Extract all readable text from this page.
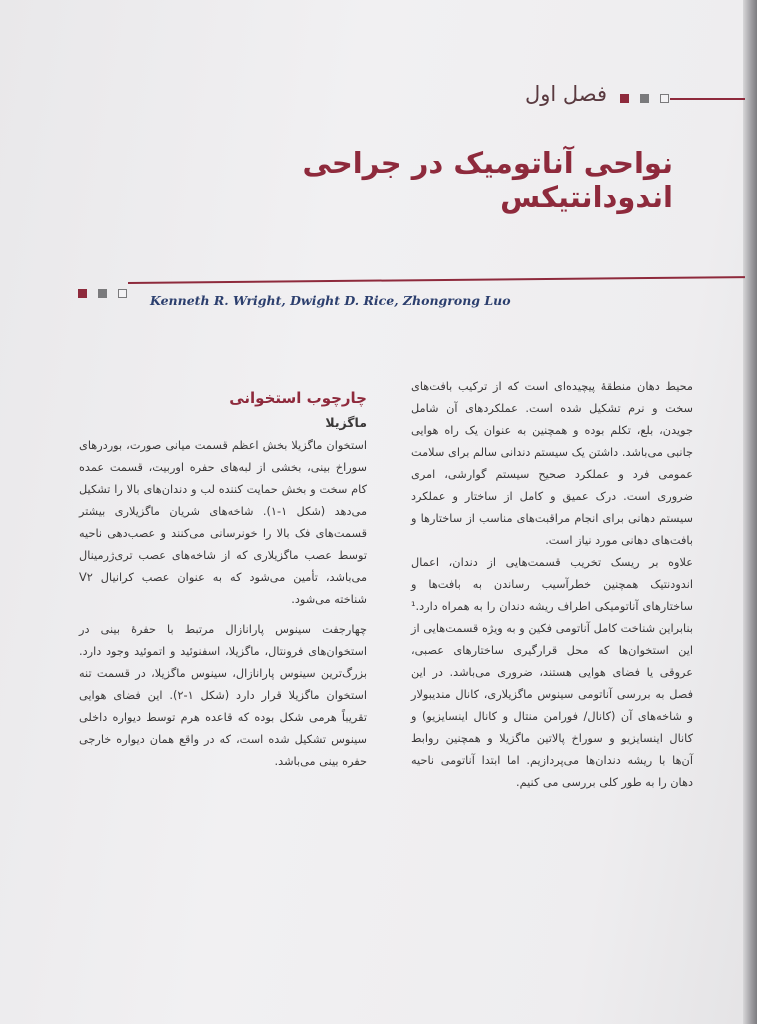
فصل اول
نواحی آناتومیک در جراحی اندودانتیکس
Kenneth R. Wright, Dwight D. Rice, Zhongrong Luo

محیط دهان منطقهٔ پیچیده‌ای است که از ترکیب بافت‌های سخت و نرم تشکیل شده است. عملکردهای آن شامل جویدن، بلع، تکلم بوده و همچنین به عنوان یک راه هوایی جانبی می‌باشد. داشتن یک سیستم دندانی سالم برای سلامت عمومی فرد و عملکرد صحیح سیستم گوارشی، امری ضروری است. درک عمیق و کامل از ساختار و عملکرد سیستم دهانی برای انجام مراقبت‌های مناسب از ساختارها و بافت‌های دهانی مورد نیاز است.

علاوه بر ریسک تخریب قسمت‌هایی از دندان، اعمال اندودنتیک همچنین خطرآسیب رساندن به بافت‌ها و ساختارهای آناتومیکی اطراف ریشه دندان را به همراه دارد.¹ بنابراین شناخت کامل آناتومی فکین و به ویژه قسمت‌هایی از این استخوان‌ها که محل قرارگیری ساختارهای عصبی، عروقی یا فضای هوایی هستند، ضروری می‌باشد. در این فصل به بررسی آناتومی سینوس ماگزیلاری، کانال مندیبولار و شاخه‌های آن (کانال/ فورامن منتال و کانال اینسایزیو) و کانال اینسایزیو و سوراخ پالاتین ماگزیلا و همچنین روابط آن‌ها با ریشه دندان‌ها می‌پردازیم. اما ابتدا آناتومی ناحیه دهان را به طور کلی بررسی می کنیم.

چارچوب استخوانی
ماگزیلا

استخوان ماگزیلا بخش اعظم قسمت میانی صورت، بوردرهای سوراخ بینی، بخشی از لبه‌های حفره اوربیت، قسمت عمده کام سخت و بخش حمایت کننده لب و دندان‌های بالا را تشکیل می‌دهد (شکل ۱-۱). شاخه‌های شریان ماگزیلاری بیشتر قسمت‌های فک بالا را خونرسانی می‌کنند و عصب‌دهی ناحیه توسط عصب ماگزیلاری که از شاخه‌های عصب تری‌ژرمینال می‌باشد، تأمین می‌شود که به عنوان عصب کرانیال V۲ شناخته می‌شود.

چهارجفت سینوس پارانازال مرتبط با حفرهٔ بینی در استخوان‌های فرونتال، ماگزیلا، اسفنوئید و اتموئید وجود دارد. بزرگ‌ترین سینوس پارانازال، سینوس ماگزیلا، در قسمت تنه استخوان ماگزیلا قرار دارد (شکل ۱-۲). این فضای هوایی تقریباً هرمی شکل بوده که قاعده هرم توسط دیواره داخلی سینوس تشکیل شده است، که در واقع همان دیواره خارجی حفره بینی می‌باشد.
